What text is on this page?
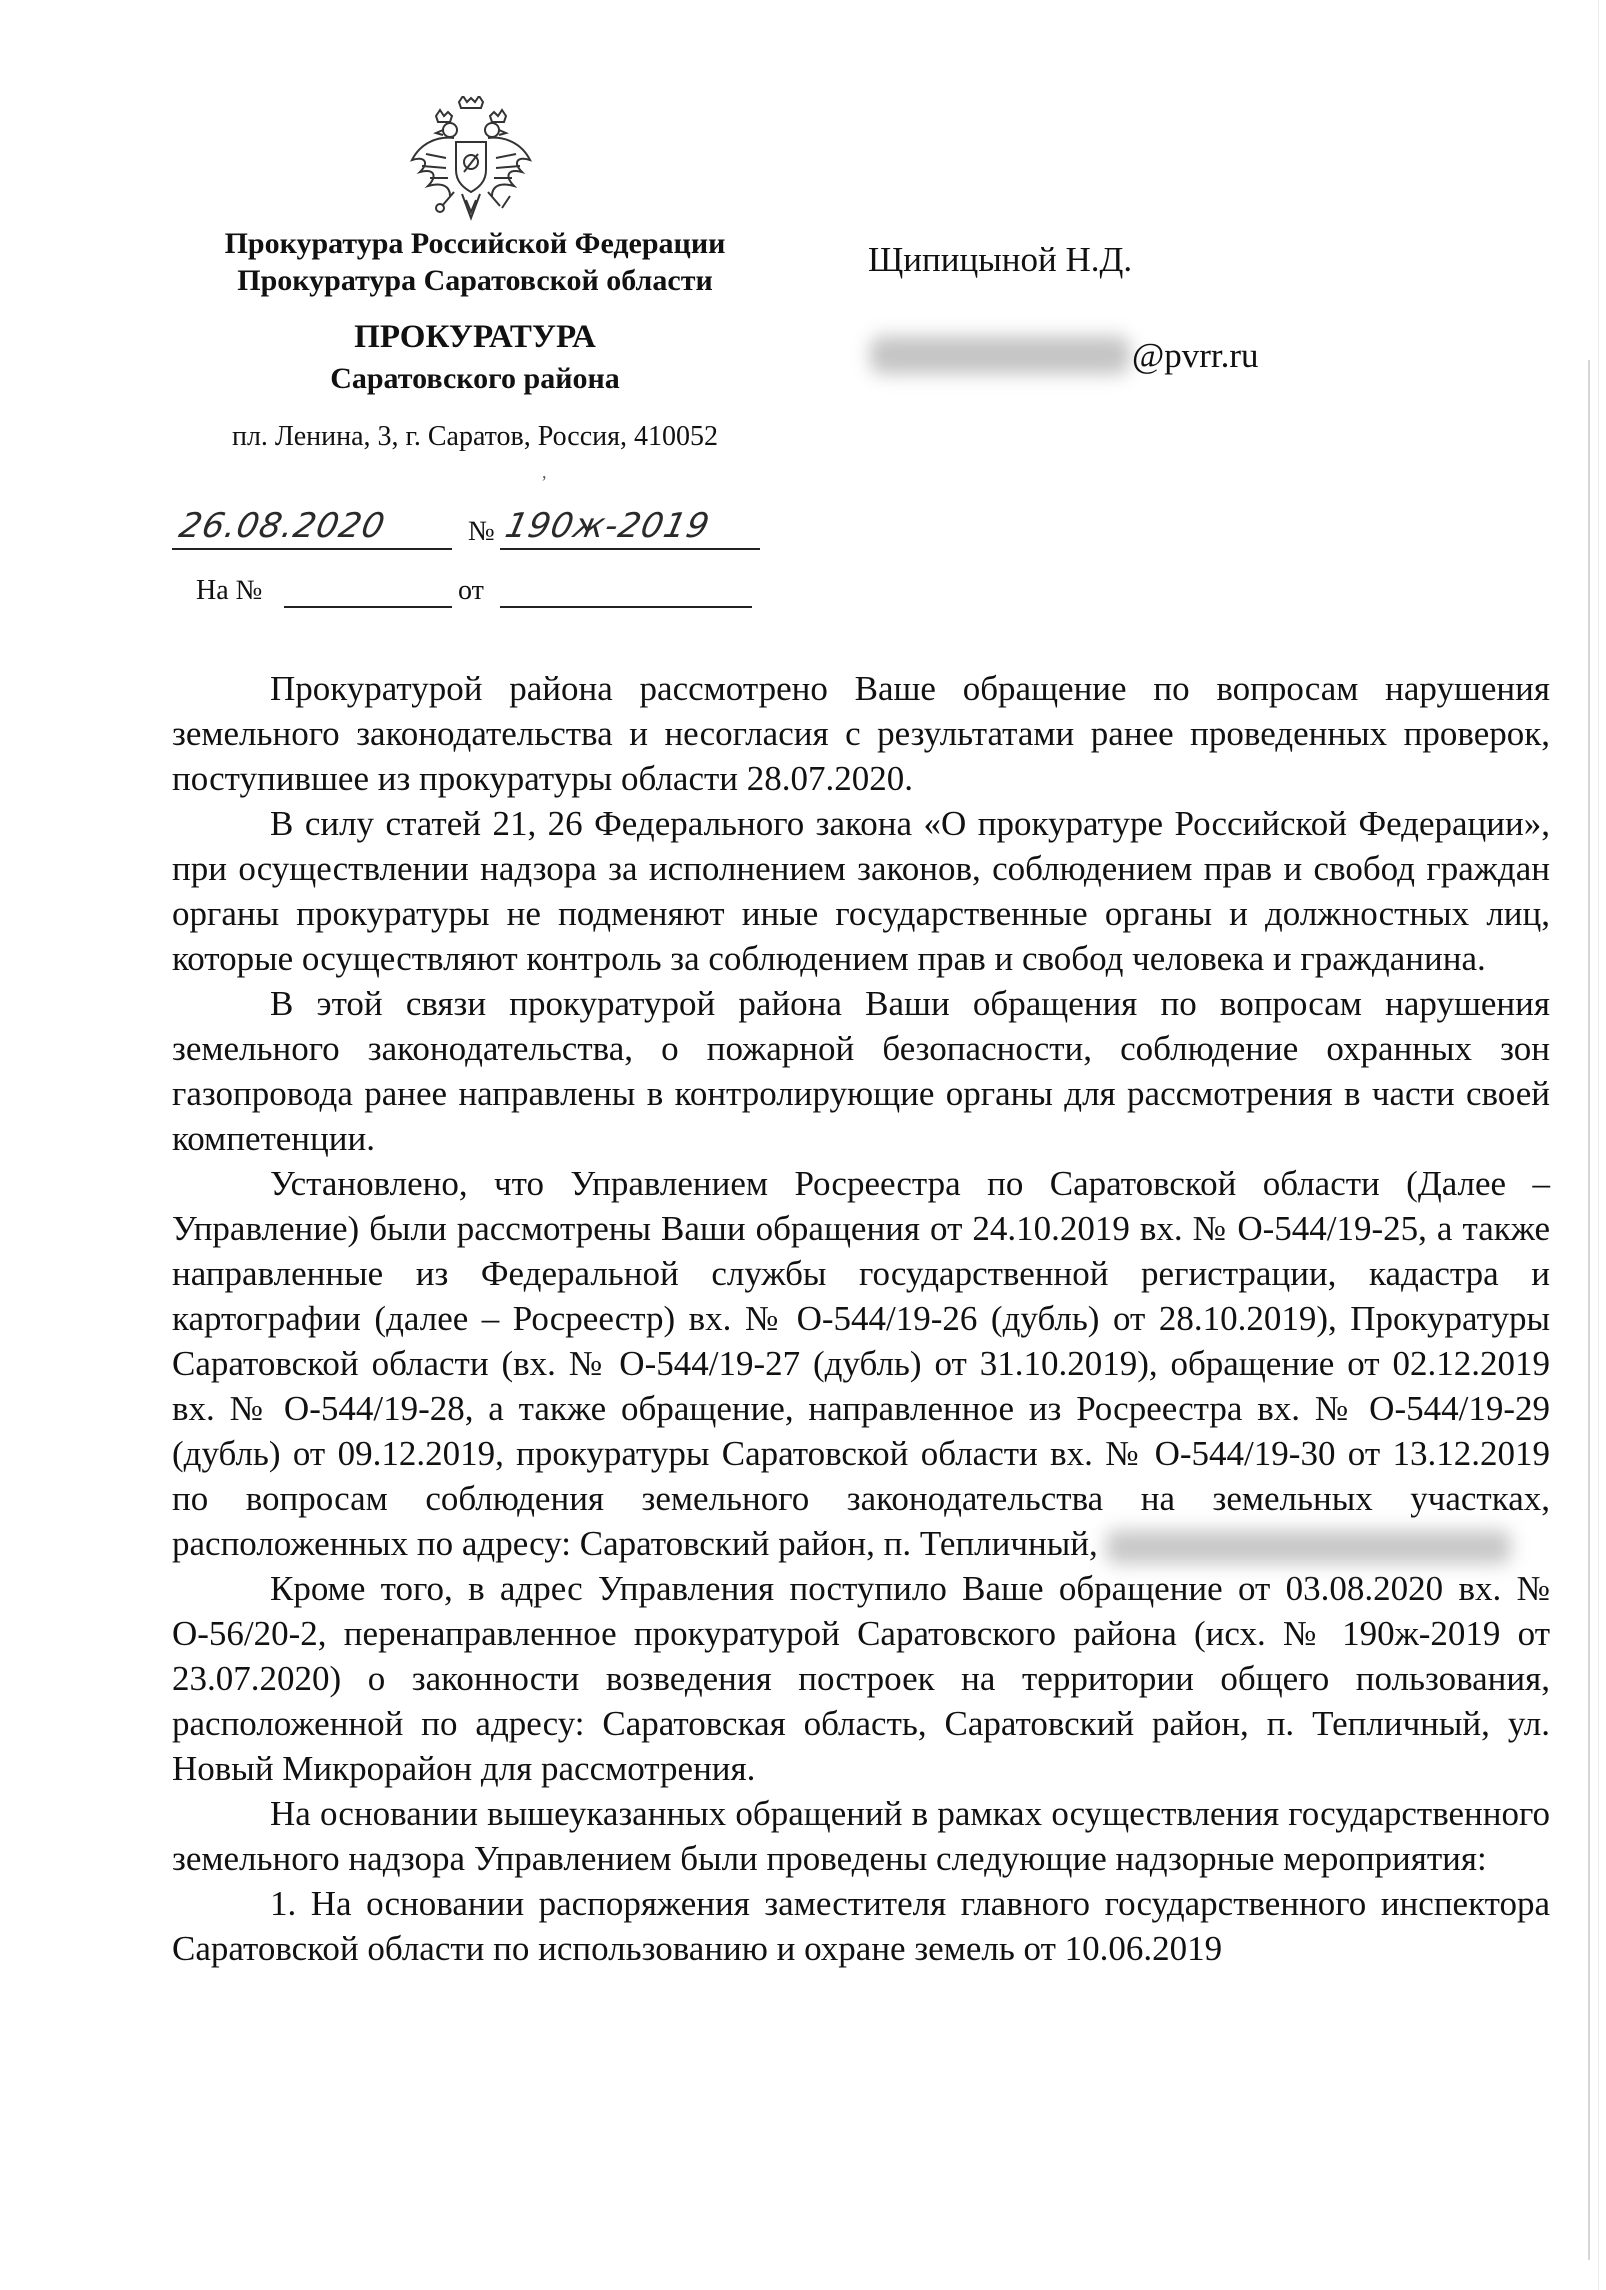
Прокуратура Российской Федерации

Прокуратура Саратовской области

ПРОКУРАТУРА

Саратовского района

пл. Ленина, 3, г. Саратов, Россия, 410052

,
26.08.2020	№ 190ж-2019
На №	от

Щипицыной Н.Д.

@pvrr.ru

Прокуратурой района рассмотрено Ваше обращение по вопросам нарушения земельного законодательства и несогласия с результатами ранее проведенных проверок, поступившее из прокуратуры области 28.07.2020.

В силу статей 21, 26 Федерального закона «О прокуратуре Российской Федерации», при осуществлении надзора за исполнением законов, соблюдением прав и свобод граждан органы прокуратуры не подменяют иные государственные органы и должностных лиц, которые осуществляют контроль за соблюдением прав и свобод человека и гражданина.

В этой связи прокуратурой района Ваши обращения по вопросам нарушения земельного законодательства, о пожарной безопасности, соблюдение охранных зон газопровода ранее направлены в контролирующие органы для рассмотрения в части своей компетенции.

Установлено, что Управлением Росреестра по Саратовской области (Далее – Управление) были рассмотрены Ваши обращения от 24.10.2019 вх. № О-544/19-25, а также направленные из Федеральной службы государственной регистрации, кадастра и картографии (далее – Росреестр) вх. № О-544/19-26 (дубль) от 28.10.2019), Прокуратуры Саратовской области (вх. № О-544/19-27 (дубль) от 31.10.2019), обращение от 02.12.2019 вх. № О-544/19-28, а также обращение, направленное из Росреестра вх. № О-544/19-29 (дубль) от 09.12.2019, прокуратуры Саратовской области вх. № О-544/19-30 от 13.12.2019 по вопросам соблюдения земельного законодательства на земельных участках, расположенных по адресу: Саратовский район, п. Тепличный,

Кроме того, в адрес Управления поступило Ваше обращение от 03.08.2020 вх. № О-56/20-2, перенаправленное прокуратурой Саратовского района (исх. № 190ж-2019 от 23.07.2020) о законности возведения построек на территории общего пользования, расположенной по адресу: Саратовская область, Саратовский район, п. Тепличный, ул. Новый Микрорайон для рассмотрения.

На основании вышеуказанных обращений в рамках осуществления государственного земельного надзора Управлением были проведены следующие надзорные мероприятия:

1. На основании распоряжения заместителя главного государственного инспектора Саратовской области по использованию и охране земель от 10.06.2019
